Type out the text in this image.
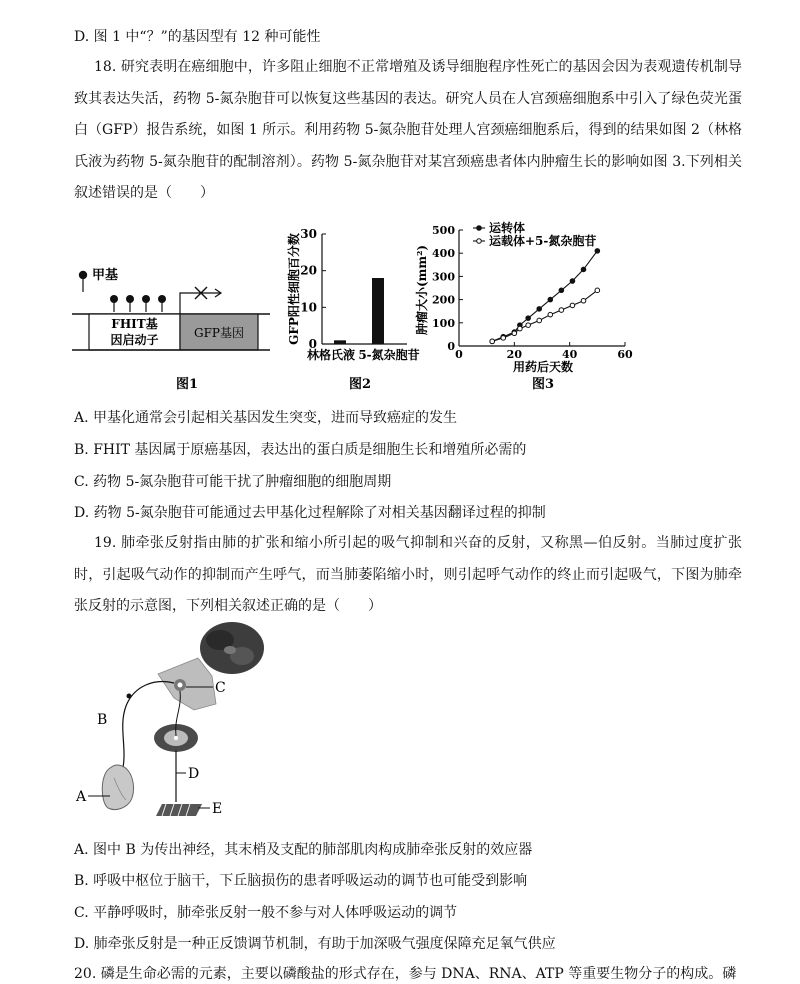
D. 图 1 中“？”的基因型有 12 种可能性
18. 研究表明在癌细胞中，许多阻止细胞不正常增殖及诱导细胞程序性死亡的基因会因为表观遗传机制导致其表达失活，药物 5-氮杂胞苷可以恢复这些基因的表达。研究人员在人宫颈癌细胞系中引入了绿色荧光蛋白（GFP）报告系统，如图 1 所示。利用药物 5-氮杂胞苷处理人宫颈癌细胞系后，得到的结果如图 2（林格氏液为药物 5-氮杂胞苷的配制溶剂）。药物 5-氮杂胞苷对某宫颈癌患者体内肿瘤生长的影响如图 3.下列相关叙述错误的是（　　）
甲基
FHIT基
因启动子	GFP基因
图1
0
10
20
30
林格氏液 5-氮杂胞苷
GFP阳性细胞百分数
图2
0
100
200
300
400
500
0	20	40	60
运转体
运载体+5-氮杂胞苷
肿瘤大小(mm²)
用药后天数
图3
A. 甲基化通常会引起相关基因发生突变，进而导致癌症的发生
B. FHIT 基因属于原癌基因，表达出的蛋白质是细胞生长和增殖所必需的
C. 药物 5-氮杂胞苷可能干扰了肿瘤细胞的细胞周期
D. 药物 5-氮杂胞苷可能通过去甲基化过程解除了对相关基因翻译过程的抑制
19. 肺牵张反射指由肺的扩张和缩小所引起的吸气抑制和兴奋的反射，又称黑—伯反射。当肺过度扩张时，引起吸气动作的抑制而产生呼气，而当肺萎陷缩小时，则引起呼气动作的终止而引起吸气，下图为肺牵张反射的示意图，下列相关叙述正确的是（　　）
C
B
D
A
E
A. 图中 B 为传出神经，其末梢及支配的肺部肌肉构成肺牵张反射的效应器
B. 呼吸中枢位于脑干，下丘脑损伤的患者呼吸运动的调节也可能受到影响
C. 平静呼吸时，肺牵张反射一般不参与对人体呼吸运动的调节
D. 肺牵张反射是一种正反馈调节机制，有助于加深吸气强度保障充足氧气供应
20. 磷是生命必需的元素，主要以磷酸盐的形式存在，参与 DNA、RNA、ATP 等重要生物分子的构成。磷
